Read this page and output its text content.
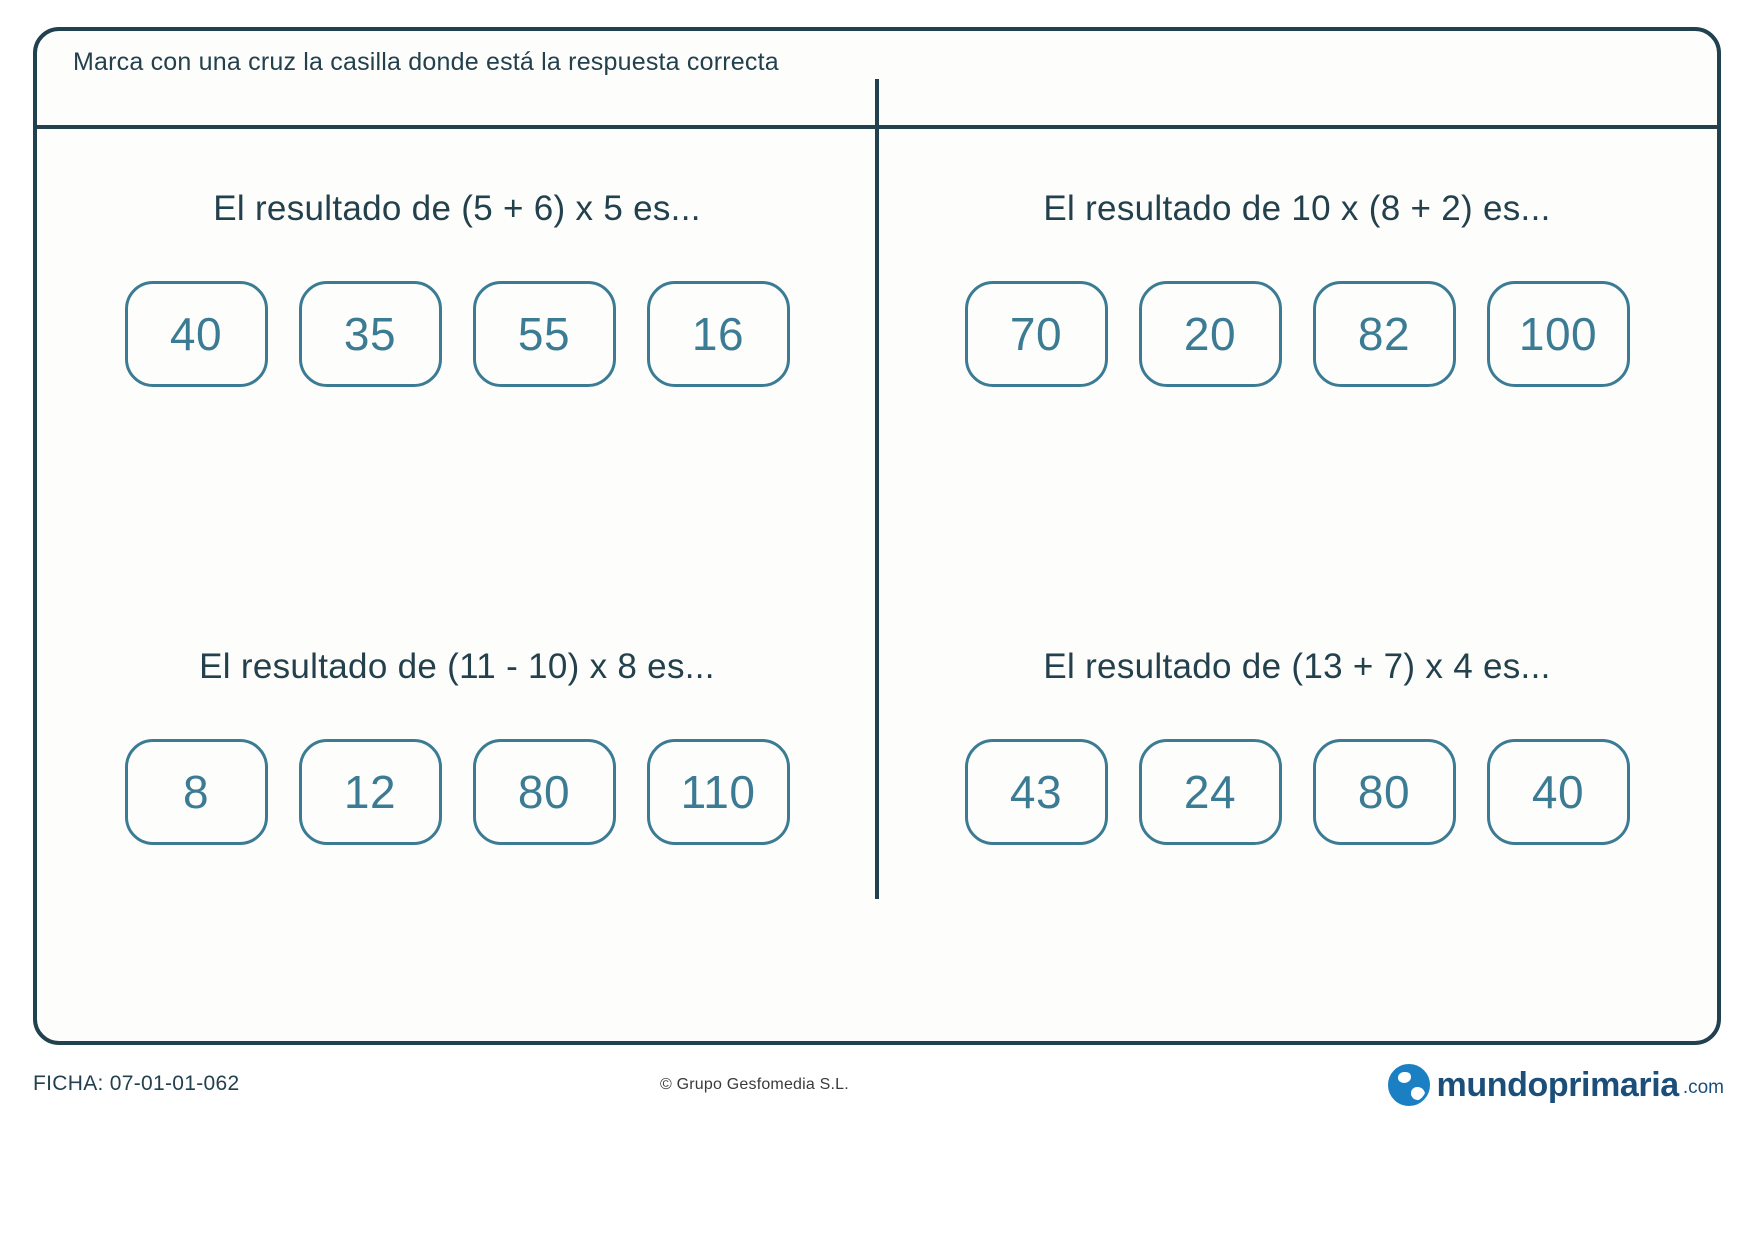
Marca con una cruz la casilla donde está la respuesta correcta
El resultado de (5 + 6) x 5 es...
40	35	55	16
El resultado de 10 x (8 + 2) es...
70	20	82 100
El resultado de (11 - 10) x 8 es...
8	12	80 110
El resultado de (13 + 7) x 4 es...
43	24	80	40
FICHA: 07-01-01-062	© Grupo Gesfomedia S.L.	mundoprimaria .com
